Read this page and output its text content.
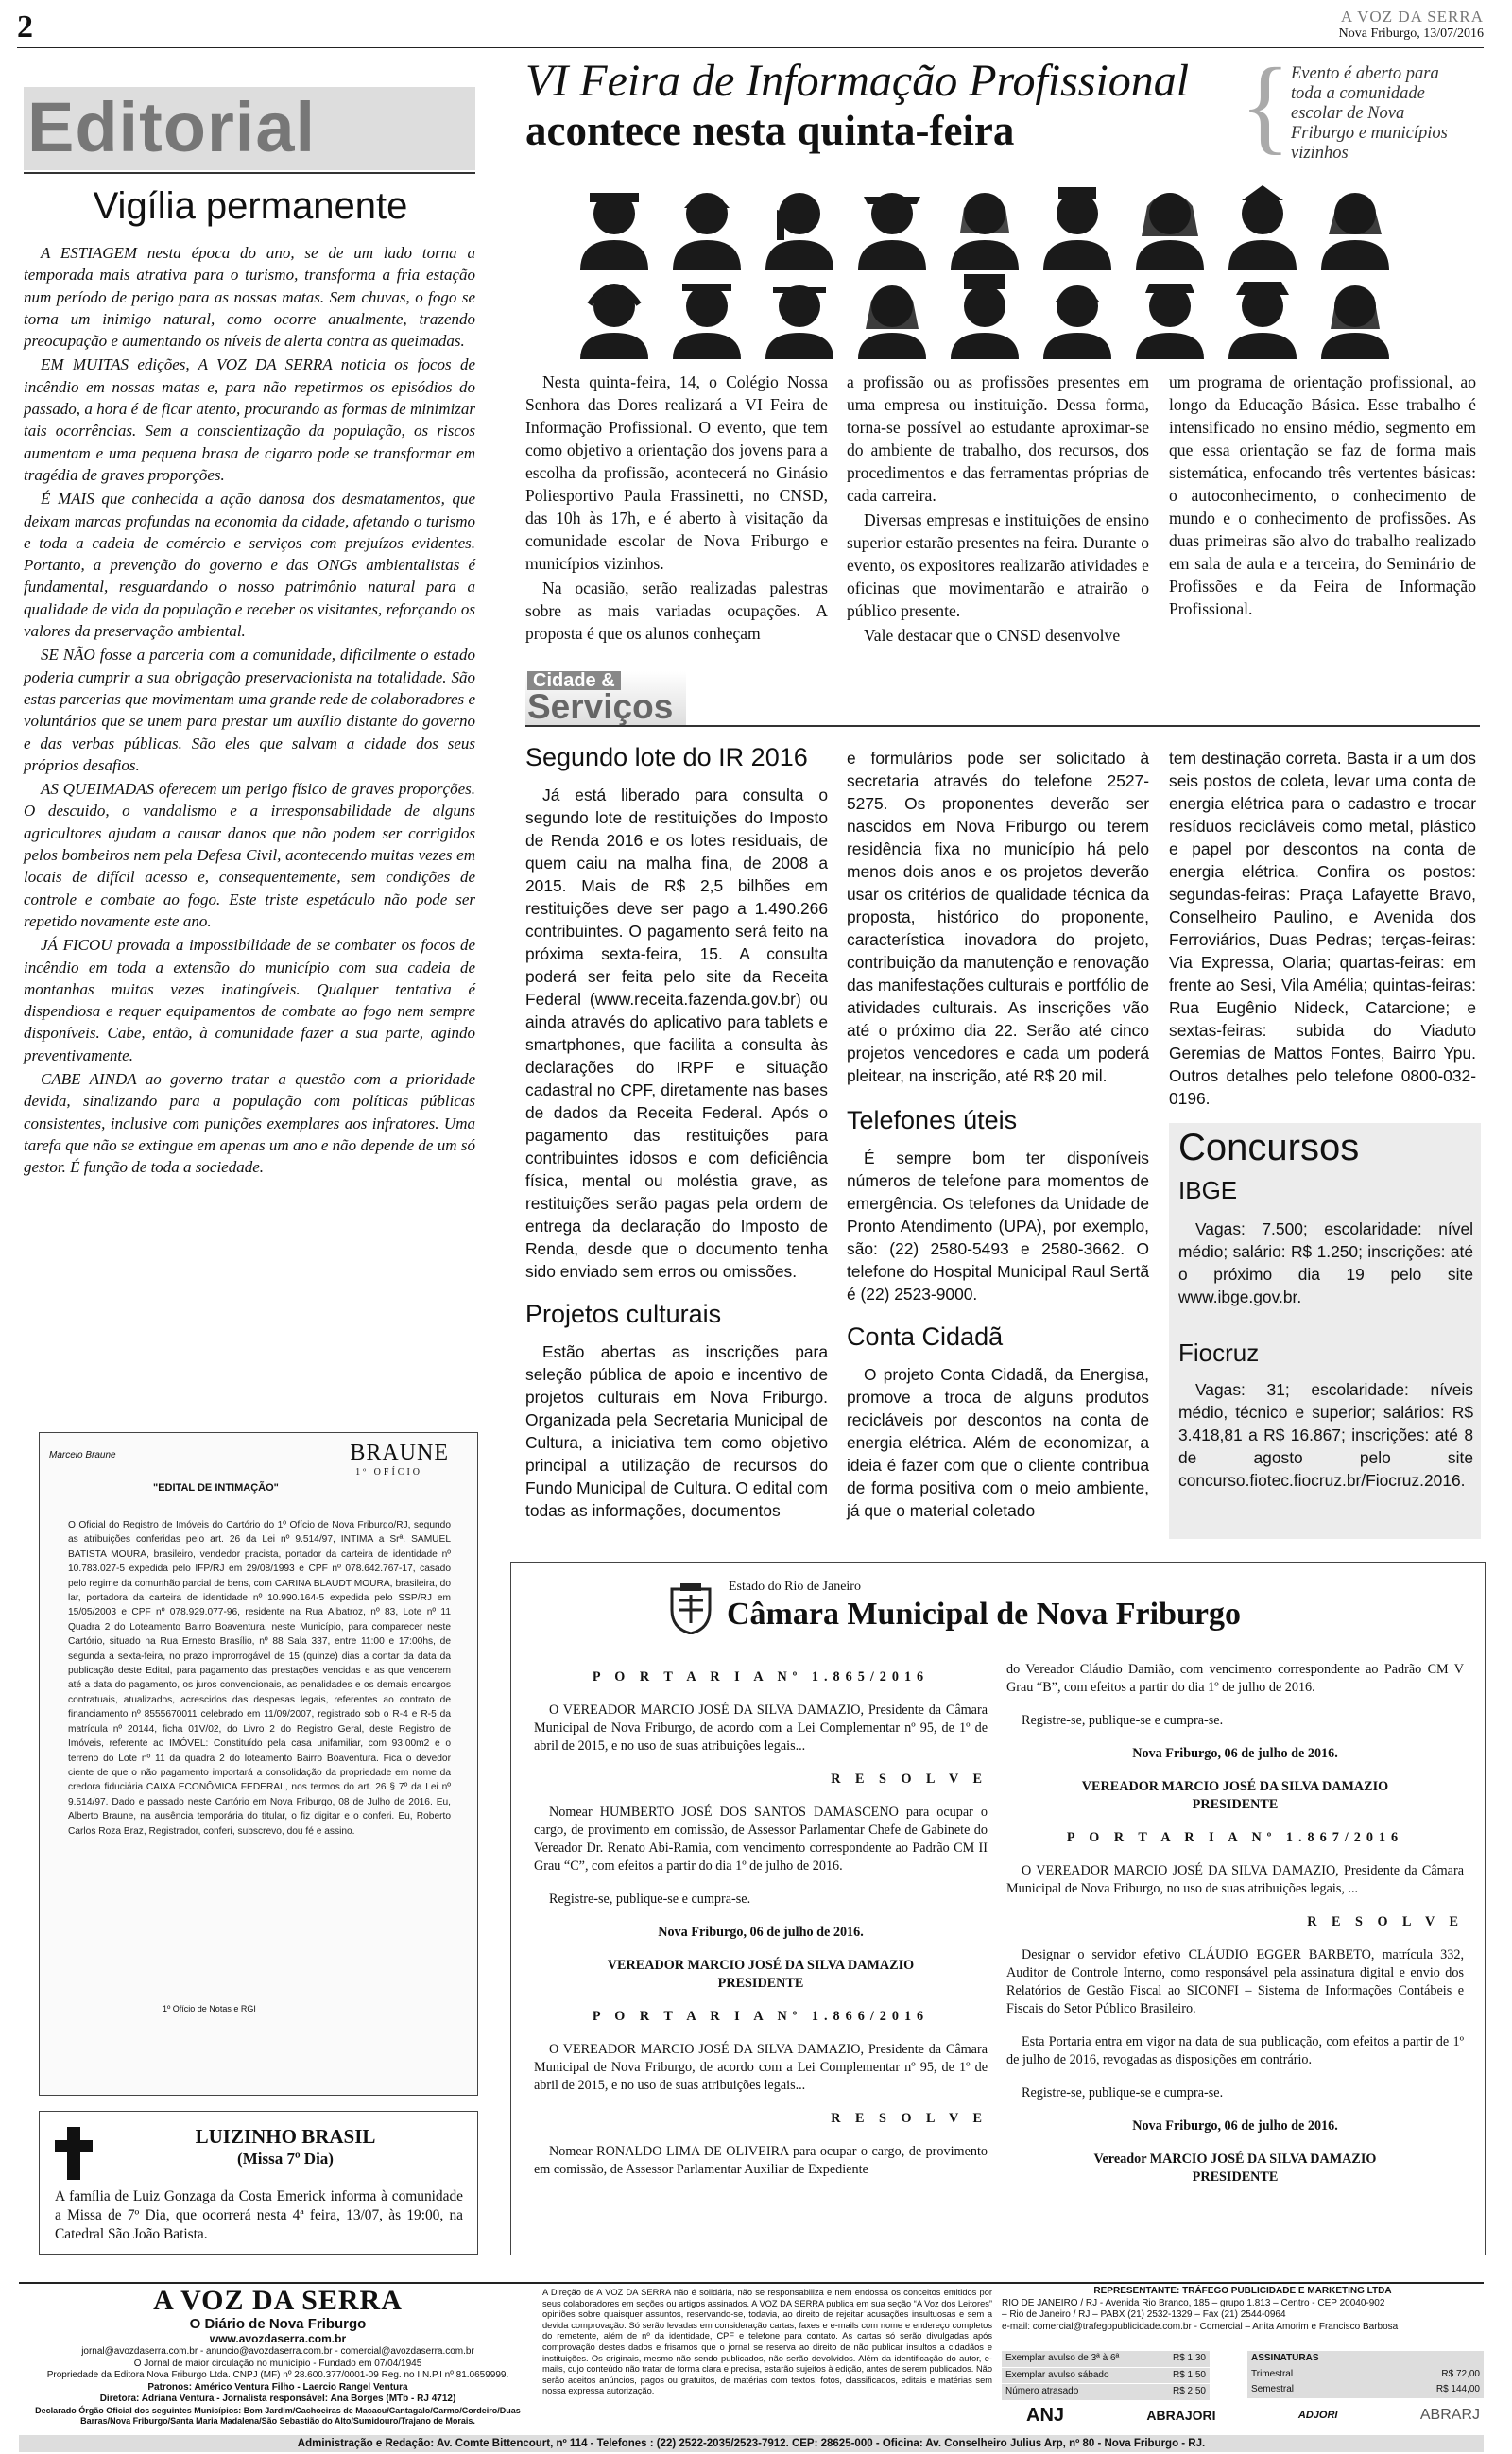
2	A VOZ DA SERRA
Nova Friburgo, 13/07/2016
Editorial
Vigília permanente

A ESTIAGEM nesta época do ano, se de um lado torna a temporada mais atrativa para o turismo, transforma a fria estação num período de perigo para as nossas matas. Sem chuvas, o fogo se torna um inimigo natural, como ocorre anualmente, trazendo preocupação e aumentando os níveis de alerta contra as queimadas.

EM MUITAS edições, A VOZ DA SERRA noticia os focos de incêndio em nossas matas e, para não repetirmos os episódios do passado, a hora é de ficar atento, procurando as formas de minimizar tais ocorrências. Sem a conscientização da população, os riscos aumentam e uma pequena brasa de cigarro pode se transformar em tragédia de graves proporções.

É MAIS que conhecida a ação danosa dos desmatamentos, que deixam marcas profundas na economia da cidade, afetando o turismo e toda a cadeia de comércio e serviços com prejuízos evidentes. Portanto, a prevenção do governo e das ONGs ambientalistas é fundamental, resguardando o nosso patrimônio natural para a qualidade de vida da população e receber os visitantes, reforçando os valores da preservação ambiental.

SE NÃO fosse a parceria com a comunidade, dificilmente o estado poderia cumprir a sua obrigação preservacionista na totalidade. São estas parcerias que movimentam uma grande rede de colaboradores e voluntários que se unem para prestar um auxílio distante do governo e das verbas públicas. São eles que salvam a cidade dos seus próprios desafios.

AS QUEIMADAS oferecem um perigo físico de graves proporções. O descuido, o vandalismo e a irresponsabilidade de alguns agricultores ajudam a causar danos que não podem ser corrigidos pelos bombeiros nem pela Defesa Civil, acontecendo muitas vezes em locais de difícil acesso e, consequentemente, sem condições de controle e combate ao fogo. Este triste espetáculo não pode ser repetido novamente este ano.

JÁ FICOU provada a impossibilidade de se combater os focos de incêndio em toda a extensão do município com sua cadeia de montanhas muitas vezes inatingíveis. Qualquer tentativa é dispendiosa e requer equipamentos de combate ao fogo nem sempre disponíveis. Cabe, então, à comunidade fazer a sua parte, agindo preventivamente.

CABE AINDA ao governo tratar a questão com a prioridade devida, sinalizando para a população com políticas públicas consistentes, inclusive com punições exemplares aos infratores. Uma tarefa que não se extingue em apenas um ano e não depende de um só gestor. É função de toda a sociedade.

Marcelo Braune	BRAUNE
1º OFÍCIO
"EDITAL DE INTIMAÇÃO"
O Oficial do Registro de Imóveis do Cartório do 1º Ofício de Nova Friburgo/RJ, segundo as atribuições conferidas pelo art. 26 da Lei nº 9.514/97, INTIMA a Srª. SAMUEL BATISTA MOURA, brasileiro, vendedor pracista, portador da carteira de identidade nº 10.783.027-5 expedida pelo IFP/RJ em 29/08/1993 e CPF nº 078.642.767-17, casado pelo regime da comunhão parcial de bens, com CARINA BLAUDT MOURA, brasileira, do lar, portadora da carteira de identidade nº 10.990.164-5 expedida pelo SSP/RJ em 15/05/2003 e CPF nº 078.929.077-96, residente na Rua Albatroz, nº 83, Lote nº 11 Quadra 2 do Loteamento Bairro Boaventura, neste Município, para comparecer neste Cartório, situado na Rua Ernesto Brasílio, nº 88 Sala 337, entre 11:00 e 17:00hs, de segunda a sexta-feira, no prazo improrrogável de 15 (quinze) dias a contar da data da publicação deste Edital, para pagamento das prestações vencidas e as que vencerem até a data do pagamento, os juros convencionais, as penalidades e os demais encargos contratuais, atualizados, acrescidos das despesas legais, referentes ao contrato de financiamento nº 8555670011 celebrado em 11/09/2007, registrado sob o R-4 e R-5 da matrícula nº 20144, ficha 01V/02, do Livro 2 do Registro Geral, deste Registro de Imóveis, referente ao IMÓVEL: Constituído pela casa unifamiliar, com 93,00m2 e o terreno do Lote nº 11 da quadra 2 do loteamento Bairro Boaventura. Fica o devedor ciente de que o não pagamento importará a consolidação da propriedade em nome da credora fiduciária CAIXA ECONÔMICA FEDERAL, nos termos do art. 26 § 7º da Lei nº 9.514/97. Dado e passado neste Cartório em Nova Friburgo, 08 de Julho de 2016. Eu, Alberto Braune, na ausência temporária do titular, o fiz digitar e o conferi. Eu, Roberto Carlos Roza Braz, Registrador, conferi, subscrevo, dou fé e assino.
1º Ofício de Notas e RGI
LUIZINHO BRASIL
(Missa 7º Dia)
A família de Luiz Gonzaga da Costa Emerick informa à comunidade a Missa de 7º Dia, que ocorrerá nesta 4ª feira, 13/07, às 19:00, na Catedral São João Batista.
VI Feira de Informação Profissional
acontece nesta quinta-feira { Evento é aberto para toda a comunidade escolar de Nova Friburgo e municípios vizinhos

Nesta quinta-feira, 14, o Colégio Nossa Senhora das Dores realizará a VI Feira de Informação Profissional. O evento, que tem como objetivo a orientação dos jovens para a escolha da profissão, acontecerá no Ginásio Poliesportivo Paula Frassinetti, no CNSD, das 10h às 17h, e é aberto à visitação da comunidade escolar de Nova Friburgo e municípios vizinhos.

Na ocasião, serão realizadas palestras sobre as mais variadas ocupações. A proposta é que os alunos conheçam

a profissão ou as profissões presentes em uma empresa ou instituição. Dessa forma, torna-se possível ao estudante aproximar-se do ambiente de trabalho, dos recursos, dos procedimentos e das ferramentas próprias de cada carreira.

Diversas empresas e instituições de ensino superior estarão presentes na feira. Durante o evento, os expositores realizarão atividades e oficinas que movimentarão e atrairão o público presente.

Vale destacar que o CNSD desenvolve

um programa de orientação profissional, ao longo da Educação Básica. Esse trabalho é intensificado no ensino médio, segmento em que essa orientação se faz de forma mais sistemática, enfocando três vertentes básicas: o autoconhecimento, o conhecimento de mundo e o conhecimento de profissões. As duas primeiras são alvo do trabalho realizado em sala de aula e a terceira, do Seminário de Profissões e da Feira de Informação Profissional.

Cidade &
Serviços
Segundo lote do IR 2016

Já está liberado para consulta o segundo lote de restituições do Imposto de Renda 2016 e os lotes residuais, de quem caiu na malha fina, de 2008 a 2015. Mais de R$ 2,5 bilhões em restituições deve ser pago a 1.490.266 contribuintes. O pagamento será feito na próxima sexta-feira, 15. A consulta poderá ser feita pelo site da Receita Federal (www.receita.fazenda.gov.br) ou ainda através do aplicativo para tablets e smartphones, que facilita a consulta às declarações do IRPF e situação cadastral no CPF, diretamente nas bases de dados da Receita Federal. Após o pagamento das restituições para contribuintes idosos e com deficiência física, mental ou moléstia grave, as restituições serão pagas pela ordem de entrega da declaração do Imposto de Renda, desde que o documento tenha sido enviado sem erros ou omissões.

Projetos culturais

Estão abertas as inscrições para seleção pública de apoio e incentivo de projetos culturais em Nova Friburgo. Organizada pela Secretaria Municipal de Cultura, a iniciativa tem como objetivo principal a utilização de recursos do Fundo Municipal de Cultura. O edital com todas as informações, documentos

e formulários pode ser solicitado à secretaria através do telefone 2527-5275. Os proponentes deverão ser nascidos em Nova Friburgo ou terem residência fixa no município há pelo menos dois anos e os projetos deverão usar os critérios de qualidade técnica da proposta, histórico do proponente, característica inovadora do projeto, contribuição da manutenção e renovação das manifestações culturais e portfólio de atividades culturais. As inscrições vão até o próximo dia 22. Serão até cinco projetos vencedores e cada um poderá pleitear, na inscrição, até R$ 20 mil.

Telefones úteis

É sempre bom ter disponíveis números de telefone para momentos de emergência. Os telefones da Unidade de Pronto Atendimento (UPA), por exemplo, são: (22) 2580-5493 e 2580-3662. O telefone do Hospital Municipal Raul Sertã é (22) 2523-9000.

Conta Cidadã

O projeto Conta Cidadã, da Energisa, promove a troca de alguns produtos recicláveis por descontos na conta de energia elétrica. Além de economizar, a ideia é fazer com que o cliente contribua de forma positiva com o meio ambiente, já que o material coletado

tem destinação correta. Basta ir a um dos seis postos de coleta, levar uma conta de energia elétrica para o cadastro e trocar resíduos recicláveis como metal, plástico e papel por descontos na conta de energia elétrica. Confira os postos: segundas-feiras: Praça Lafayette Bravo, Conselheiro Paulino, e Avenida dos Ferroviários, Duas Pedras; terças-feiras: Via Expressa, Olaria; quartas-feiras: em frente ao Sesi, Vila Amélia; quintas-feiras: Rua Eugênio Nideck, Catarcione; e sextas-feiras: subida do Viaduto Geremias de Mattos Fontes, Bairro Ypu. Outros detalhes pelo telefone 0800-032-0196.

Concursos
IBGE
Vagas: 7.500; escolaridade: nível médio; salário: R$ 1.250; inscrições: até o próximo dia 19 pelo site www.ibge.gov.br.
Fiocruz
Vagas: 31; escolaridade: níveis médio, técnico e superior; salários: R$ 3.418,81 a R$ 16.867; inscrições: até 8 de agosto pelo site concurso.fiotec.fiocruz.br/Fiocruz.2016.
Estado do Rio de Janeiro
Câmara Municipal de Nova Friburgo

P O R T A R I A Nº 1.865/2016

O VEREADOR MARCIO JOSÉ DA SILVA DAMAZIO, Presidente da Câmara Municipal de Nova Friburgo, de acordo com a Lei Complementar nº 95, de 1º de abril de 2015, e no uso de suas atribuições legais...

R E S O L V E

Nomear HUMBERTO JOSÉ DOS SANTOS DAMASCENO para ocupar o cargo, de provimento em comissão, de Assessor Parlamentar Chefe de Gabinete do Vereador Dr. Renato Abi-Ramia, com vencimento correspondente ao Padrão CM II Grau “C”, com efeitos a partir do dia 1º de julho de 2016.

Registre-se, publique-se e cumpra-se.

Nova Friburgo, 06 de julho de 2016.

VEREADOR MARCIO JOSÉ DA SILVA DAMAZIO PRESIDENTE

P O R T A R I A Nº 1.866/2016

O VEREADOR MARCIO JOSÉ DA SILVA DAMAZIO, Presidente da Câmara Municipal de Nova Friburgo, de acordo com a Lei Complementar nº 95, de 1º de abril de 2015, e no uso de suas atribuições legais...

R E S O L V E

Nomear RONALDO LIMA DE OLIVEIRA para ocupar o cargo, de provimento em comissão, de Assessor Parlamentar Auxiliar de Expediente

do Vereador Cláudio Damião, com vencimento correspondente ao Padrão CM V Grau “B”, com efeitos a partir do dia 1º de julho de 2016.

Registre-se, publique-se e cumpra-se.

Nova Friburgo, 06 de julho de 2016.

VEREADOR MARCIO JOSÉ DA SILVA DAMAZIO PRESIDENTE

P O R T A R I A Nº 1.867/2016

O VEREADOR MARCIO JOSÉ DA SILVA DAMAZIO, Presidente da Câmara Municipal de Nova Friburgo, no uso de suas atribuições legais, ...

R E S O L V E

Designar o servidor efetivo CLÁUDIO EGGER BARBETO, matrícula 332, Auditor de Controle Interno, como responsável pela assinatura digital e envio dos Relatórios de Gestão Fiscal ao SICONFI – Sistema de Informações Contábeis e Fiscais do Setor Público Brasileiro.

Esta Portaria entra em vigor na data de sua publicação, com efeitos a partir de 1º de julho de 2016, revogadas as disposições em contrário.

Registre-se, publique-se e cumpra-se.

Nova Friburgo, 06 de julho de 2016.

Vereador MARCIO JOSÉ DA SILVA DAMAZIO PRESIDENTE

A VOZ DA SERRA
O Diário de Nova Friburgo
www.avozdaserra.com.br
jornal@avozdaserra.com.br - anuncio@avozdaserra.com.br - comercial@avozdaserra.com.br
O Jornal de maior circulação no município - Fundado em 07/04/1945
Propriedade da Editora Nova Friburgo Ltda. CNPJ (MF) nº 28.600.377/0001-09 Reg. no I.N.P.I nº 81.0659999.
Patronos: Américo Ventura Filho - Laercio Rangel Ventura
Diretora: Adriana Ventura - Jornalista responsável: Ana Borges (MTb - RJ 4712)
Declarado Órgão Oficial dos seguintes Municípios: Bom Jardim/Cachoeiras de Macacu/Cantagalo/Carmo/Cordeiro/Duas Barras/Nova Friburgo/Santa Maria Madalena/São Sebastião do Alto/Sumidouro/Trajano de Morais.
A Direção de A VOZ DA SERRA não é solidária, não se responsabiliza e nem endossa os conceitos emitidos por seus colaboradores em seções ou artigos assinados. A VOZ DA SERRA publica em sua seção “A Voz dos Leitores” opiniões sobre quaisquer assuntos, reservando-se, todavia, ao direito de rejeitar acusações insultuosas e sem a devida comprovação. Só serão levadas em consideração cartas, faxes e e-mails com nome e endereço completos do remetente, além de nº da identidade, CPF e telefone para contato. As cartas só serão divulgadas após comprovação destes dados e frisamos que o jornal se reserva ao direito de não publicar insultos a cidadãos e instituições. Os originais, mesmo não sendo publicados, não serão devolvidos. Além da identificação do autor, e-mails, cujo conteúdo não tratar de forma clara e precisa, estarão sujeitos à edição, antes de serem publicados. Não serão aceitos anúncios, pagos ou gratuitos, de matérias com textos, fotos, classificados, editais e matérias sem nossa expressa autorização.
REPRESENTANTE: TRÁFEGO PUBLICIDADE E MARKETING LTDA
RIO DE JANEIRO / RJ - Avenida Rio Branco, 185 – grupo 1.813 – Centro - CEP 20040-902
– Rio de Janeiro / RJ – PABX (21) 2532-1329 – Fax (21) 2544-0964
e-mail: comercial@trafegopublicidade.com.br - Comercial – Anita Amorim e Francisco Barbosa
Exemplar avulso de 3ª à 6ª	R$ 1,30
Exemplar avulso sábado	R$ 1,50
Número atrasado	R$ 2,50
ASSINATURAS
Trimestral	R$ 72,00
Semestral	R$ 144,00
ANJ	ABRAJORI	ADJORI	ABRARJ
Administração e Redação: Av. Comte Bittencourt, nº 114 - Telefones : (22) 2522-2035/2523-7912. CEP: 28625-000 - Oficina: Av. Conselheiro Julius Arp, nº 80 - Nova Friburgo - RJ.
